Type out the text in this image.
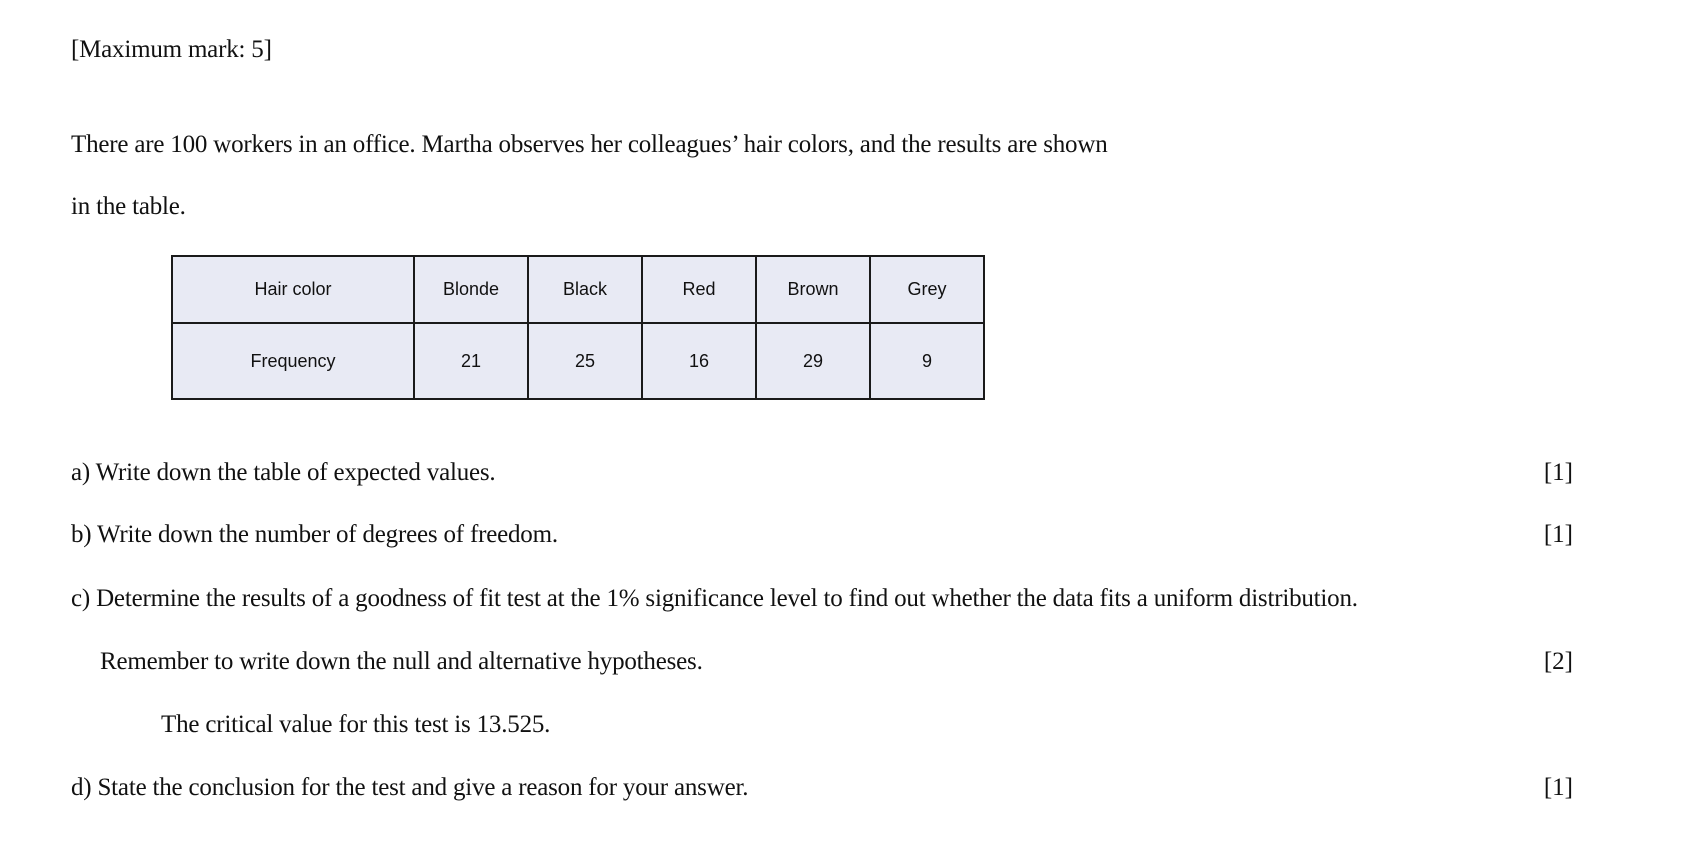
[Maximum mark: 5]
There are 100 workers in an office. Martha observes her colleagues’ hair colors, and the results are shown
in the table.
Hair color	Blonde	Black	Red	Brown	Grey
Frequency	21	25	16	29	9
a) Write down the table of expected values.	[1]
b) Write down the number of degrees of freedom.	[1]
c) Determine the results of a goodness of fit test at the 1% significance level to find out whether the data fits a uniform distribution.
Remember to write down the null and alternative hypotheses.	[2]
The critical value for this test is 13.525.
d) State the conclusion for the test and give a reason for your answer.	[1]
